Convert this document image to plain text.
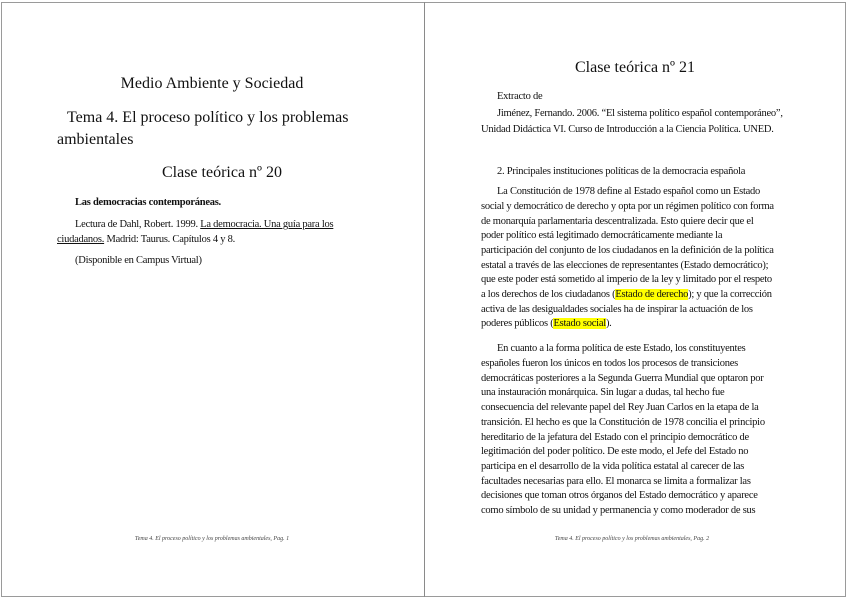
Medio Ambiente y Sociedad
Tema 4. El proceso político y los problemas
ambientales
Clase teórica nº 20
Las democracias contemporáneas.
Lectura de Dahl, Robert. 1999. La democracia. Una guía para los
ciudadanos. Madrid: Taurus. Capítulos 4 y 8.
(Disponible en Campus Virtual)
Tema 4. El proceso político y los problemas ambientales, Pag. 1
Clase teórica nº 21
Extracto de
Jiménez, Fernando. 2006. “El sistema político español contemporáneo”,
Unidad Didáctica VI. Curso de Introducción a la Ciencia Política. UNED.
2. Principales instituciones políticas de la democracia española
La Constitución de 1978 define al Estado español como un Estado
social y democrático de derecho y opta por un régimen político con forma
de monarquía parlamentaria descentralizada. Esto quiere decir que el
poder político está legitimado democráticamente mediante la
participación del conjunto de los ciudadanos en la definición de la política
estatal a través de las elecciones de representantes (Estado democrático);
que este poder está sometido al imperio de la ley y limitado por el respeto
a los derechos de los ciudadanos (Estado de derecho); y que la corrección
activa de las desigualdades sociales ha de inspirar la actuación de los
poderes públicos (Estado social).
En cuanto a la forma política de este Estado, los constituyentes
españoles fueron los únicos en todos los procesos de transiciones
democráticas posteriores a la Segunda Guerra Mundial que optaron por
una instauración monárquica. Sin lugar a dudas, tal hecho fue
consecuencia del relevante papel del Rey Juan Carlos en la etapa de la
transición. El hecho es que la Constitución de 1978 concilia el principio
hereditario de la jefatura del Estado con el principio democrático de
legitimación del poder político. De este modo, el Jefe del Estado no
participa en el desarrollo de la vida política estatal al carecer de las
facultades necesarias para ello. El monarca se limita a formalizar las
decisiones que toman otros órganos del Estado democrático y aparece
como símbolo de su unidad y permanencia y como moderador de sus
Tema 4. El proceso político y los problemas ambientales, Pag. 2
